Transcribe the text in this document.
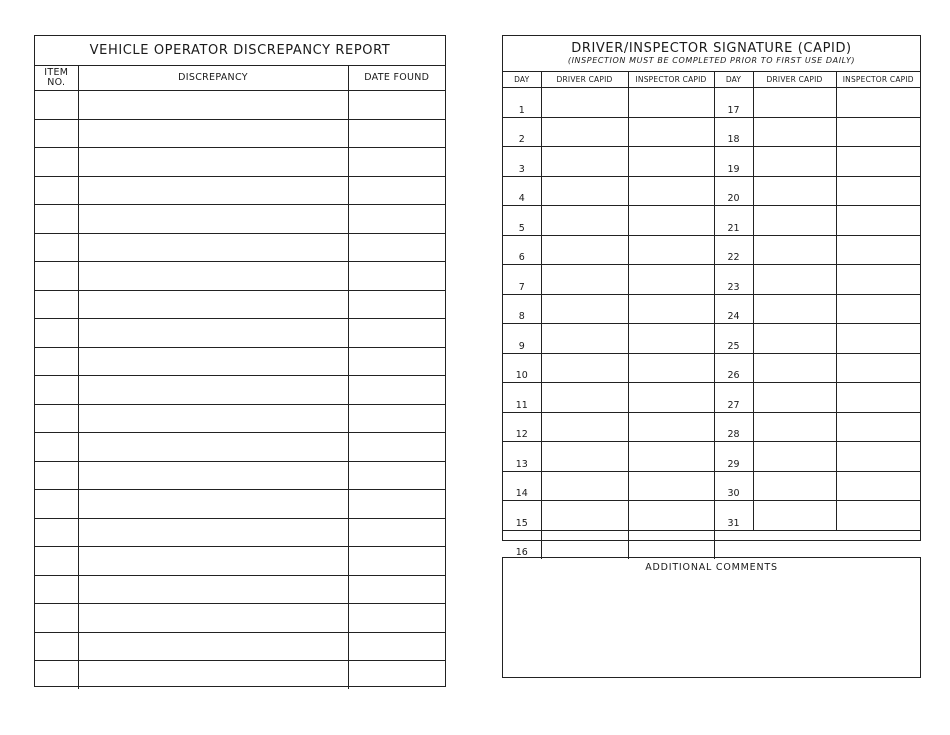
VEHICLE OPERATOR DISCREPANCY REPORT		
ITEM
NO.	DISCREPANCY	DATE FOUND

DRIVER/INSPECTOR SIGNATURE (CAPID)
(INSPECTION MUST BE COMPLETED PRIOR TO FIRST USE DAILY)					

DAY	DRIVER CAPID	INSPECTOR CAPID	DAY	DRIVER CAPID	INSPECTOR CAPID
1			17		
2			18		
3			19		
4			20		
5			21		
6			22		
7			23		
8			24		
9			25		
10			26		
11			27		
12			28		
13			29		
14			30		
15			31		
16					
ADDITIONAL COMMENTS
